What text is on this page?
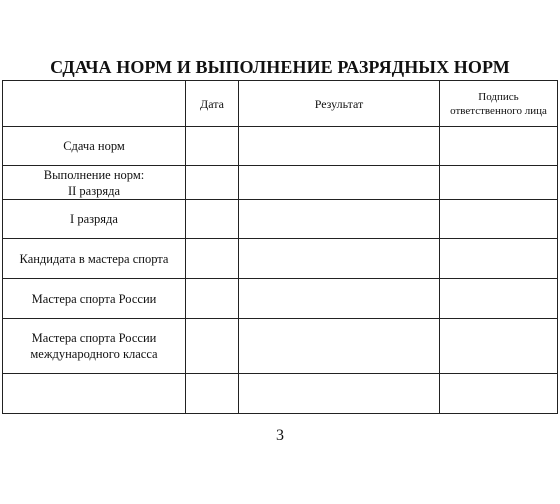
СДАЧА НОРМ И ВЫПОЛНЕНИЕ РАЗРЯДНЫХ НОРМ
	Дата	Результат	Подпись
ответственного лица

Сдача норм			

Выполнение норм:
II разряда			

I разряда			

Кандидата в мастера спорта			

Мастера спорта России			

Мастера спорта России
международного класса			

3
